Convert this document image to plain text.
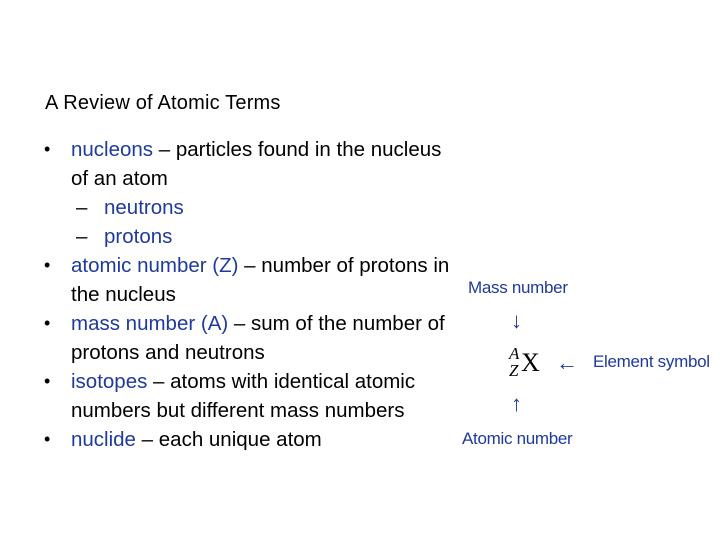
A Review of Atomic Terms
• nucleons – particles found in the nucleus of an atom
– neutrons
– protons
• atomic number (Z) – number of protons in the nucleus
• mass number (A) – sum of the number of protons and neutrons
• isotopes – atoms with identical atomic numbers but different mass numbers
• nuclide – each unique atom
Mass number
↓
A
Z X ← Element symbol
↑
Atomic number
